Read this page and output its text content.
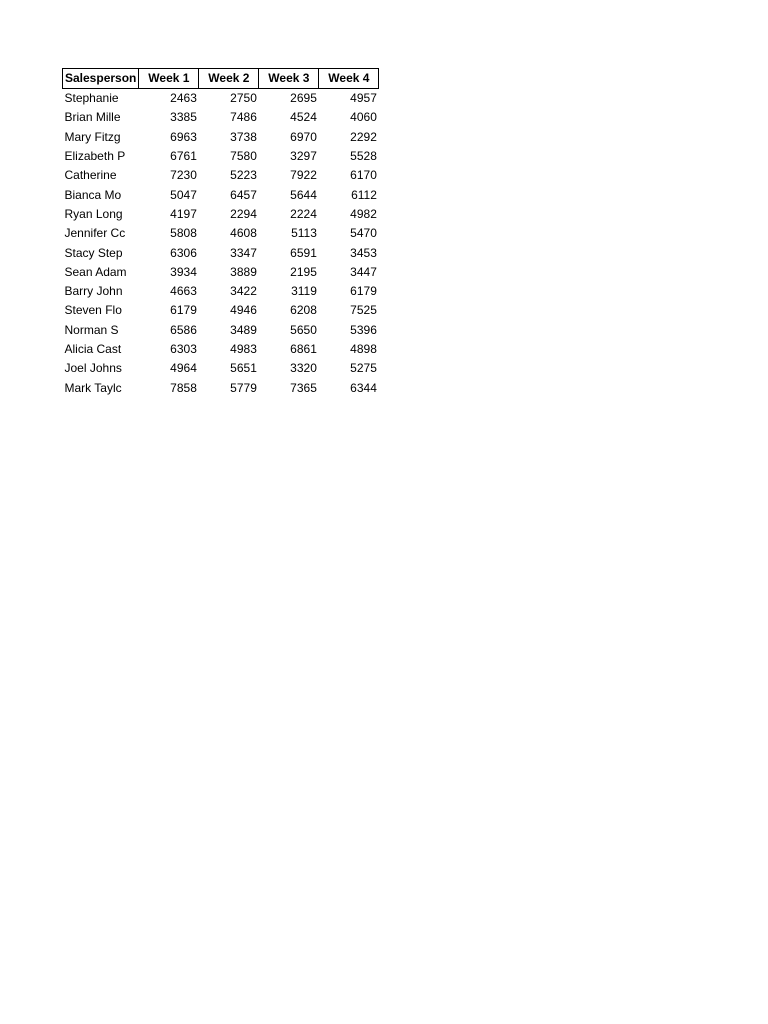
Salesperson	Week 1	Week 2	Week 3	Week 4
Stephanie	2463	2750	2695	4957
Brian Mille	3385	7486	4524	4060
Mary Fitzg	6963	3738	6970	2292
Elizabeth P	6761	7580	3297	5528
Catherine	7230	5223	7922	6170
Bianca Mo	5047	6457	5644	6112
Ryan Long	4197	2294	2224	4982
Jennifer Cc	5808	4608	5113	5470
Stacy Step	6306	3347	6591	3453
Sean Adam	3934	3889	2195	3447
Barry John	4663	3422	3119	6179
Steven Flo	6179	4946	6208	7525
Norman S	6586	3489	5650	5396
Alicia Cast	6303	4983	6861	4898
Joel Johns	4964	5651	3320	5275
Mark Taylc	7858	5779	7365	6344
